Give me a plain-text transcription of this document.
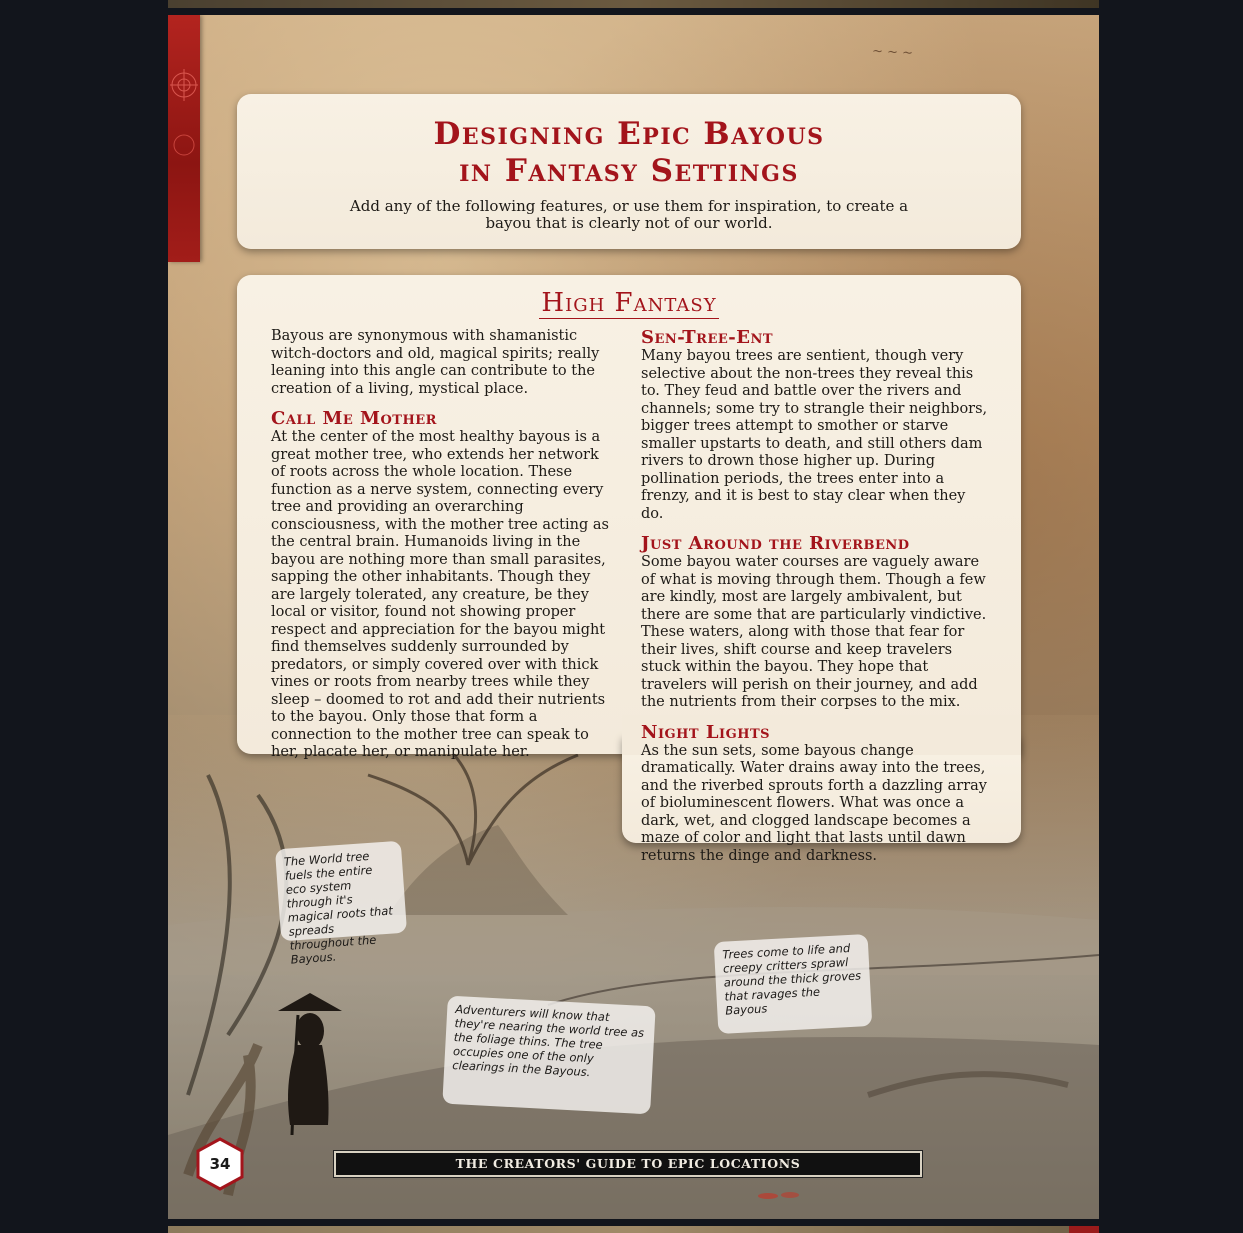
~ ~ ~
Designing Epic Bayous
in Fantasy Settings
Add any of the following features, or use them for inspiration, to create a bayou that is clearly not of our world.
High Fantasy

Bayous are synonymous with shamanistic witch-doctors and old, magical spirits; really leaning into this angle can contribute to the creation of a living, mystical place.

Call Me Mother

At the center of the most healthy bayous is a great mother tree, who extends her network of roots across the whole location. These function as a nerve system, connecting every tree and providing an overarching consciousness, with the mother tree acting as the central brain. Humanoids living in the bayou are nothing more than small parasites, sapping the other inhabitants. Though they are largely tolerated, any creature, be they local or visitor, found not showing proper respect and appreciation for the bayou might find themselves suddenly surrounded by predators, or simply covered over with thick vines or roots from nearby trees while they sleep – doomed to rot and add their nutrients to the bayou. Only those that form a connection to the mother tree can speak to her, placate her, or manipulate her.

Sen-Tree-Ent

Many bayou trees are sentient, though very selective about the non-trees they reveal this to. They feud and battle over the rivers and channels; some try to strangle their neighbors, bigger trees attempt to smother or starve smaller upstarts to death, and still others dam rivers to drown those higher up. During pollination periods, the trees enter into a frenzy, and it is best to stay clear when they do.

Just Around the Riverbend

Some bayou water courses are vaguely aware of what is moving through them. Though a few are kindly, most are largely ambivalent, but there are some that are particularly vindictive. These waters, along with those that fear for their lives, shift course and keep travelers stuck within the bayou. They hope that travelers will perish on their journey, and add the nutrients from their corpses to the mix.

Night Lights

As the sun sets, some bayous change dramatically. Water drains away into the trees, and the riverbed sprouts forth a dazzling array of bioluminescent flowers. What was once a dark, wet, and clogged landscape becomes a maze of color and light that lasts until dawn returns the dinge and darkness.

The World tree fuels the entire eco system through it's magical roots that spreads throughout the Bayous.	Trees come to life and creepy critters sprawl around the thick groves that ravages the Bayous
Adventurers will know that they're nearing the world tree as the foliage thins. The tree occupies one of the only clearings in the Bayous.
34	THE CREATORS' GUIDE TO EPIC LOCATIONS
